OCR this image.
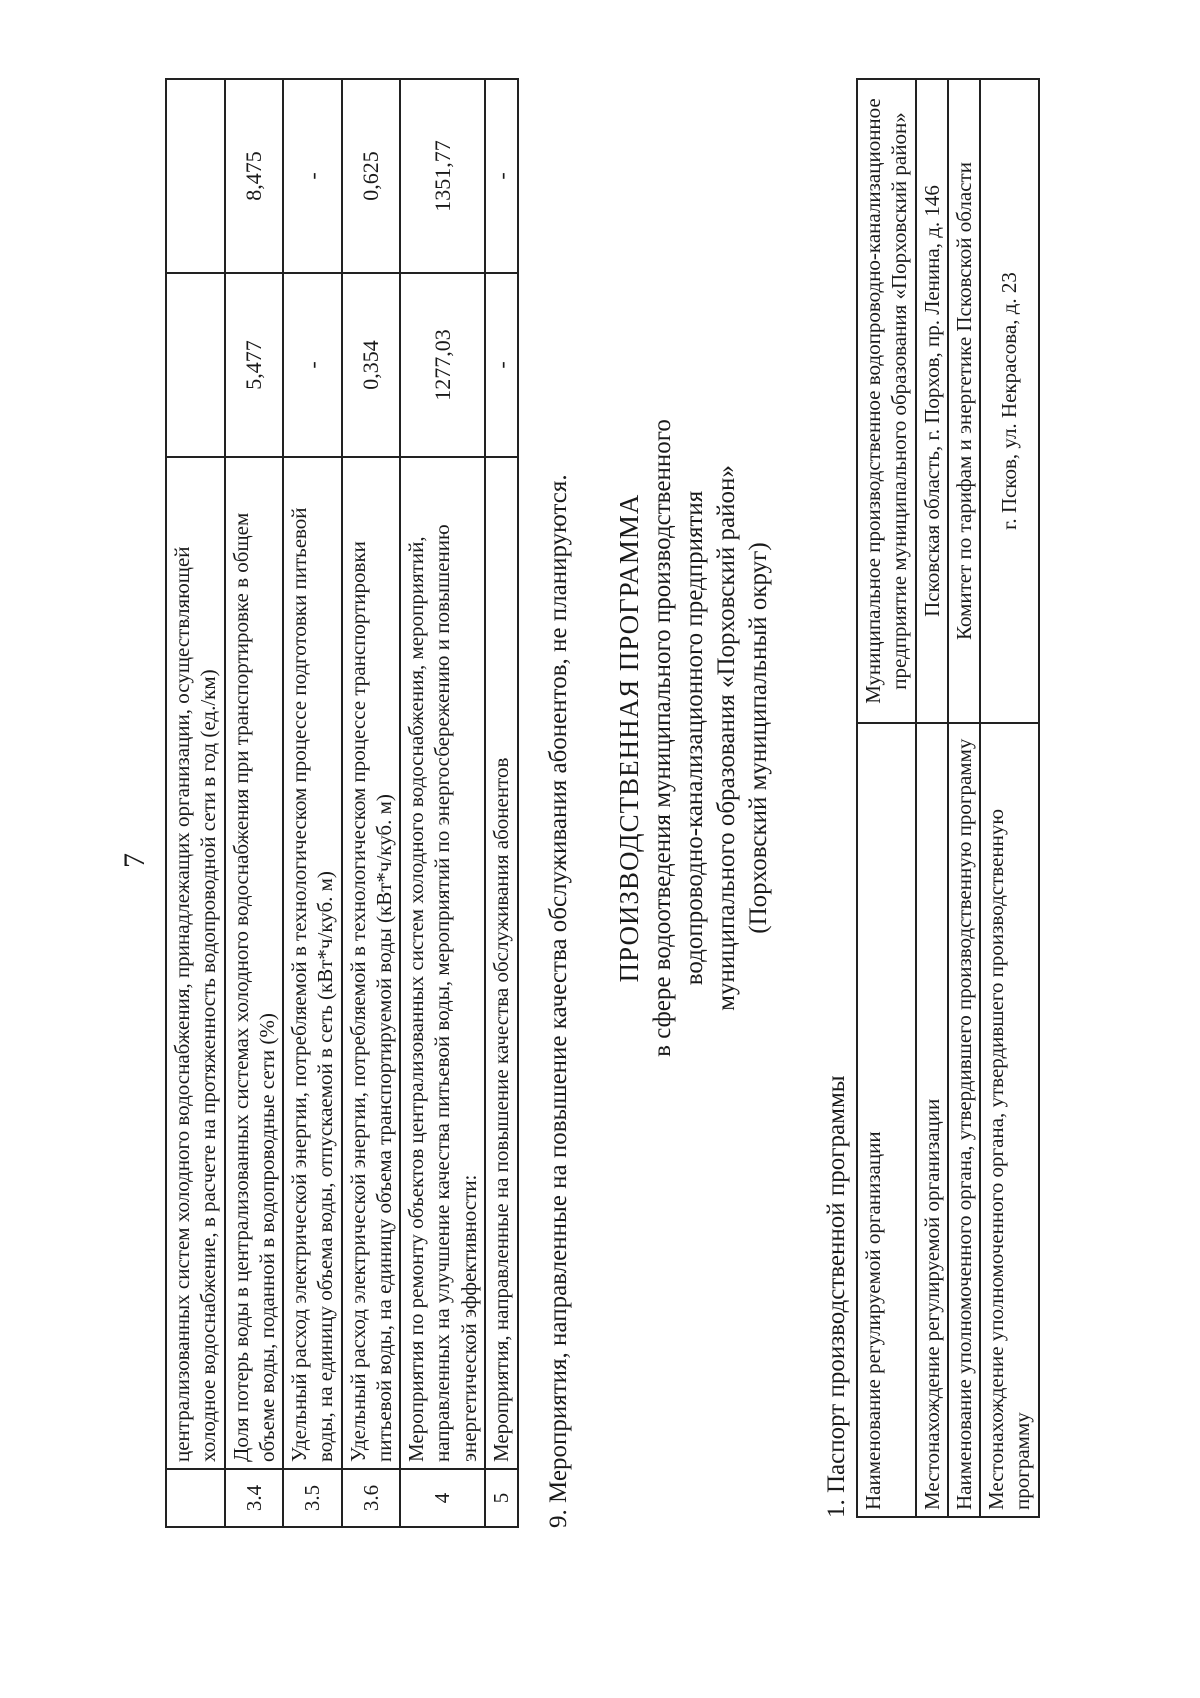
7
	централизованных систем холодного водоснабжения, принадлежащих организации, осуществляющей холодное водоснабжение, в расчете на протяженность водопроводной сети в год (ед./км)		
3.4	Доля потерь воды в централизованных системах холодного водоснабжения при транспортировке в общем объеме воды, поданной в водопроводные сети (%)	5,477	8,475
3.5	Удельный расход электрической энергии, потребляемой в технологическом процессе подготовки питьевой воды, на единицу объема воды, отпускаемой в сеть (кВт*ч/куб. м)	-	-
3.6	Удельный расход электрической энергии, потребляемой в технологическом процессе транспортировки питьевой воды, на единицу объема транспортируемой воды (кВт*ч/куб. м)	0,354	0,625
4	Мероприятия по ремонту объектов централизованных систем холодного водоснабжения, мероприятий, направленных на улучшение качества питьевой воды, мероприятий по энергосбережению и повышению энергетической эффективности:	1277,03	1351,77
5	Мероприятия, направленные на повышение качества обслуживания абонентов	-	-
9. Мероприятия, направленные на повышение качества обслуживания абонентов, не планируются. ПРОИЗВОДСТВЕННАЯ ПРОГРАММА в сфере водоотведения муниципального производственного водопроводно-канализационного предприятия муниципального образования «Порховский район» (Порховский муниципальный округ)
1. Паспорт производственной программы Наименование регулируемой организации	Муниципальное производственное водопроводно-канализационное предприятие муниципального образования «Порховский район»
Местонахождение регулируемой организации	Псковская область, г. Порхов, пр. Ленина, д. 146
Наименование уполномоченного органа, утвердившего производственную программу	Комитет по тарифам и энергетике Псковской области
Местонахождение уполномоченного органа, утвердившего производственную программу	г. Псков, ул. Некрасова, д. 23
